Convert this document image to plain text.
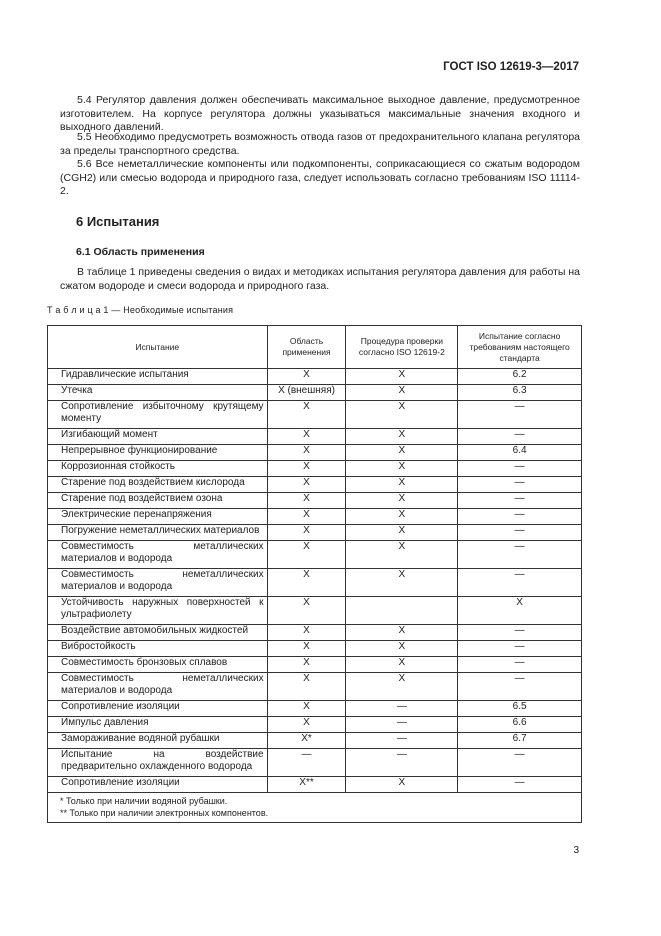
ГОСТ ISO 12619-3—2017
5.4 Регулятор давления должен обеспечивать максимальное выходное давление, предусмотренное изготовителем. На корпусе регулятора должны указываться максимальные значения входного и выходного давлений.
5.5 Необходимо предусмотреть возможность отвода газов от предохранительного клапана регулятора за пределы транспортного средства.
5.6 Все неметаллические компоненты или подкомпоненты, соприкасающиеся со сжатым водородом (CGH2) или смесью водорода и природного газа, следует использовать согласно требованиям ISO 11114-2.
6 Испытания
6.1 Область применения
В таблице 1 приведены сведения о видах и методиках испытания регулятора давления для работы на сжатом водороде и смеси водорода и природного газа.
Т а б л и ц а 1 — Необходимые испытания
Испытание	Область применения	Процедура проверки согласно ISO 12619-2	Испытание согласно требованиям настоящего стандарта
Гидравлические испытания	X	X	6.2
Утечка	X (внешняя)	X	6.3
Сопротивление избыточному крутящему моменту	X	X	—
Изгибающий момент	X	X	—
Непрерывное функционирование	X	X	6.4
Коррозионная стойкость	X	X	—
Старение под воздействием кислорода	X	X	—
Старение под воздействием озона	X	X	—
Электрические перенапряжения	X	X	—
Погружение неметаллических материалов	X	X	—
Совместимость металлических материалов и водорода	X	X	—
Совместимость неметаллических материалов и водорода	X	X	—
Устойчивость наружных поверхностей к ультрафиолету	X		X
Воздействие автомобильных жидкостей	X	X	—
Вибростойкость	X	X	—
Совместимость бронзовых сплавов	X	X	—
Совместимость неметаллических материалов и водорода	X	X	—
Сопротивление изоляции	X	—	6.5
Импульс давления	X	—	6.6
Замораживание водяной рубашки	X*	—	6.7
Испытание на воздействие предварительно охлажденного водорода	—	—	—
Сопротивление изоляции	X**	X	—

* Только при наличии водяной рубашки.
** Только при наличии электронных компонентов.			
3
